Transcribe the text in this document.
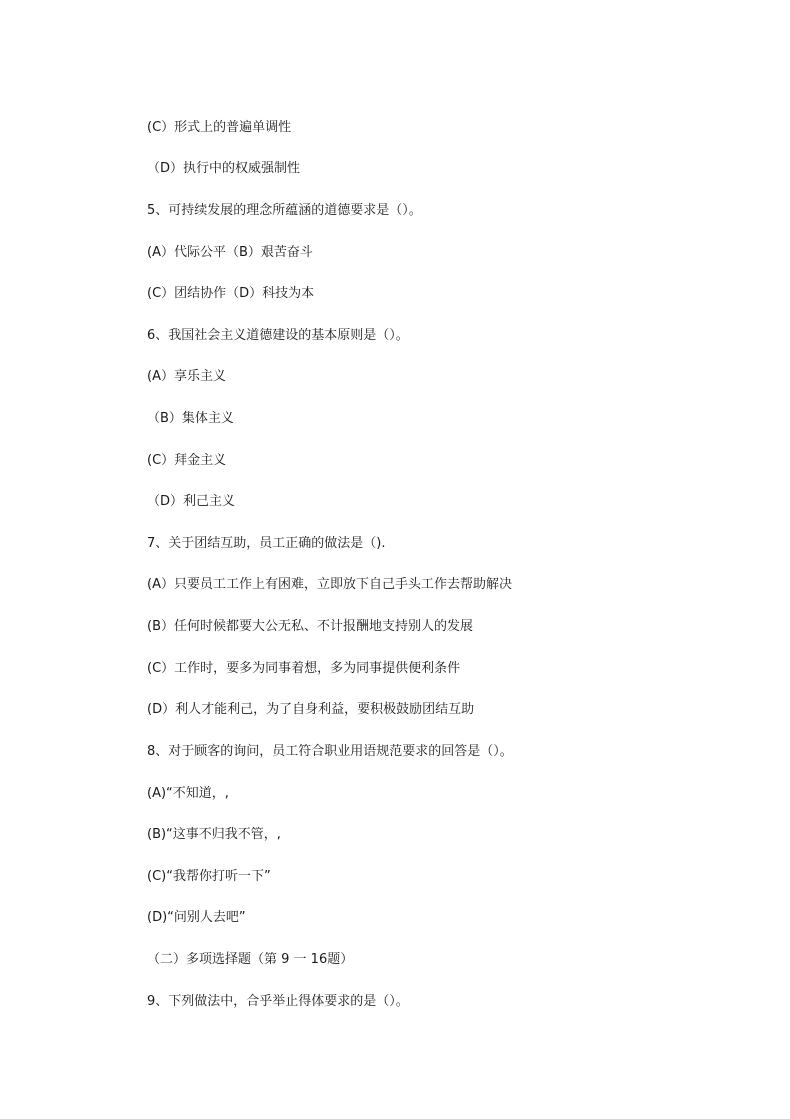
(C）形式上的普遍单调性
（D）执行中的权威强制性
5、可持续发展的理念所蕴涵的道德要求是（）。
(A）代际公平（B）艰苦奋斗
(C）团结协作（D）科技为本
6、我国社会主义道德建设的基本原则是（）。
(A）享乐主义
（B）集体主义
(C）拜金主义
（D）利己主义
7、关于团结互助，员工正确的做法是（).
(A）只要员工工作上有困难，立即放下自己手头工作去帮助解决
(B）任何时候都要大公无私、不计报酬地支持别人的发展
(C）工作时，要多为同事着想，多为同事提供便利条件
(D）利人才能利己，为了自身利益，要积极鼓励团结互助
8、对于顾客的询问，员工符合职业用语规范要求的回答是（）。
(A)“不知道，,
(B)“这事不归我不管，,
(C)“我帮你打听一下”
(D)“问别人去吧”
（二）多项选择题（第 9 一 16题）
9、下列做法中，合乎举止得体要求的是（）。
